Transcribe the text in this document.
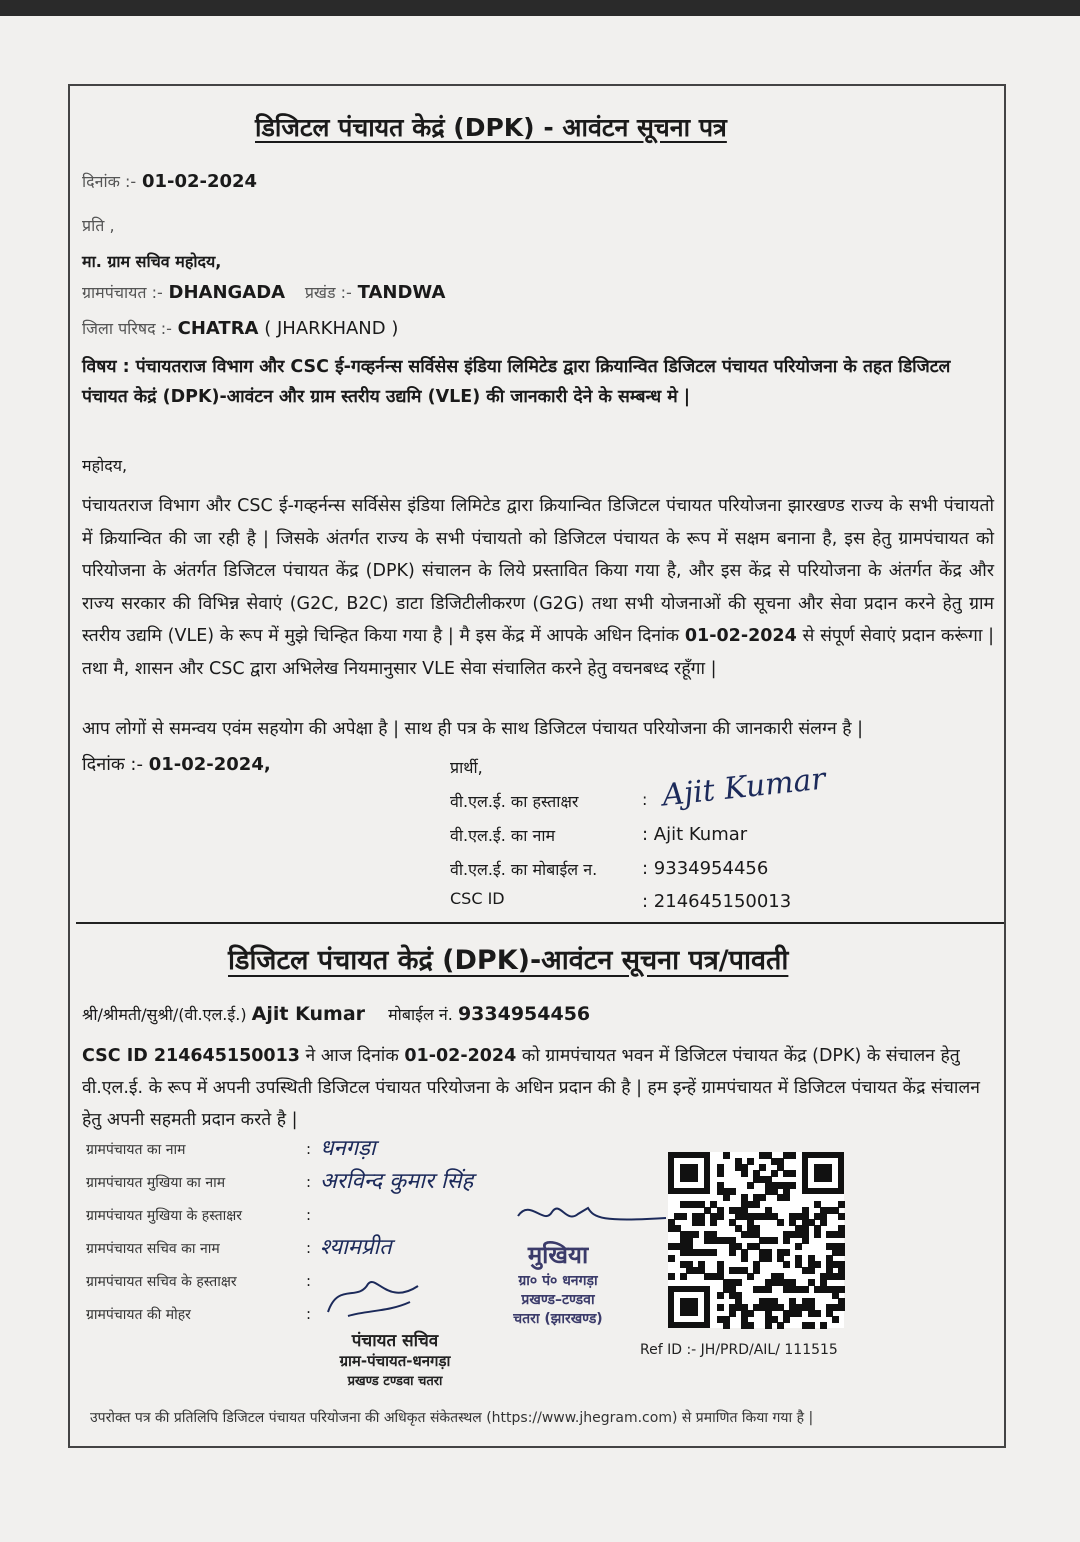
डिजिटल पंचायत केद्रं (DPK) - आवंटन सूचना पत्र
दिनांक :- 01-02-2024
प्रति ,
मा. ग्राम सचिव महोदय,
ग्रामपंचायत :- DHANGADA प्रखंड :- TANDWA
जिला परिषद :- CHATRA ( JHARKHAND )
विषय : पंचायतराज विभाग और CSC ई-गव्हर्नन्स सर्विसेस इंडिया लिमिटेड द्वारा क्रियान्वित डिजिटल पंचायत परियोजना के तहत डिजिटल पंचायत केद्रं (DPK)-आवंटन और ग्राम स्तरीय उद्यमि (VLE) की जानकारी देने के सम्बन्ध मे |
महोदय,
पंचायतराज विभाग और CSC ई-गव्हर्नन्स सर्विसेस इंडिया लिमिटेड द्वारा क्रियान्वित डिजिटल पंचायत परियोजना झारखण्ड राज्य के सभी पंचायतो में क्रियान्वित की जा रही है | जिसके अंतर्गत राज्य के सभी पंचायतो को डिजिटल पंचायत के रूप में सक्षम बनाना है, इस हेतु ग्रामपंचायत को परियोजना के अंतर्गत डिजिटल पंचायत केंद्र (DPK) संचालन के लिये प्रस्तावित किया गया है, और इस केंद्र से परियोजना के अंतर्गत केंद्र और राज्य सरकार की विभिन्न सेवाएं (G2C, B2C) डाटा डिजिटीलीकरण (G2G) तथा सभी योजनाओं की सूचना और सेवा प्रदान करने हेतु ग्राम स्तरीय उद्यमि (VLE) के रूप में मुझे चिन्हित किया गया है | मै इस केंद्र में आपके अधिन दिनांक 01-02-2024 से संपूर्ण सेवाएं प्रदान करूंगा | तथा मै, शासन और CSC द्वारा अभिलेख नियमानुसार VLE सेवा संचालित करने हेतु वचनबध्द रहूँगा |
आप लोगों से समन्वय एवंम सहयोग की अपेक्षा है | साथ ही पत्र के साथ डिजिटल पंचायत परियोजना की जानकारी संलग्न है |
दिनांक :- 01-02-2024,	प्रार्थी,
वी.एल.ई. का हस्ताक्षर	: Ajit Kumar
वी.एल.ई. का नाम	: Ajit Kumar
वी.एल.ई. का मोबाईल न. : 9334954456
CSC ID	: 214645150013
डिजिटल पंचायत केद्रं (DPK)-आवंटन सूचना पत्र/पावती
श्री/श्रीमती/सुश्री/(वी.एल.ई.) Ajit Kumar मोबाईल नं. 9334954456
CSC ID 214645150013 ने आज दिनांक 01-02-2024 को ग्रामपंचायत भवन में डिजिटल पंचायत केंद्र (DPK) के संचालन हेतु वी.एल.ई. के रूप में अपनी उपस्थिती डिजिटल पंचायत परियोजना के अधिन प्रदान की है | हम इन्हें ग्रामपंचायत में डिजिटल पंचायत केंद्र संचालन हेतु अपनी सहमती प्रदान करते है |
ग्रामपंचायत का नाम	: धनगड़ा
ग्रामपंचायत मुखिया का नाम	: अरविन्द कुमार सिंह
ग्रामपंचायत मुखिया के हस्ताक्षर	:
ग्रामपंचायत सचिव का नाम	: श्यामप्रीत
ग्रामपंचायत सचिव के हस्ताक्षर	:
ग्रामपंचायत की मोहर	:
मुखिया
ग्रा० पं० धनगड़ा
प्रखण्ड–टण्डवा
चतरा (झारखण्ड)
पंचायत सचिव
ग्राम-पंचायत-धनगड़ा
प्रखण्ड टण्डवा चतरा
Ref ID :- JH/PRD/AIL/ 111515
उपरोक्त पत्र की प्रतिलिपि डिजिटल पंचायत परियोजना की अधिकृत संकेतस्थल (https://www.jhegram.com) से प्रमाणित किया गया है |
